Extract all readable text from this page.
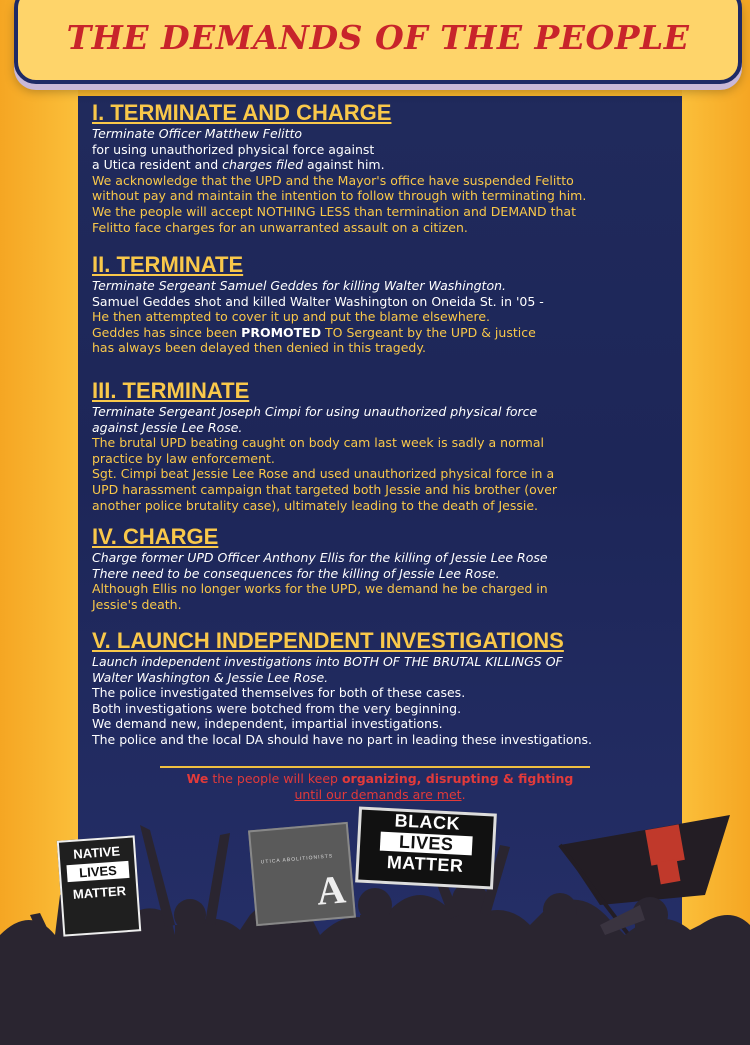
THE DEMANDS OF THE PEOPLE
I. TERMINATE AND CHARGE
Terminate Officer Matthew Felitto
for using unauthorized physical force against
a Utica resident and charges filed against him.
We acknowledge that the UPD and the Mayor's office have suspended Felitto
without pay and maintain the intention to follow through with terminating him.
We the people will accept NOTHING LESS than termination and DEMAND that
Felitto face charges for an unwarranted assault on a citizen.
II. TERMINATE
Terminate Sergeant Samuel Geddes for killing Walter Washington.
Samuel Geddes shot and killed Walter Washington on Oneida St. in '05 -
He then attempted to cover it up and put the blame elsewhere.
Geddes has since been PROMOTED TO Sergeant by the UPD & justice
has always been delayed then denied in this tragedy.
III. TERMINATE
Terminate Sergeant Joseph Cimpi for using unauthorized physical force
against Jessie Lee Rose.
The brutal UPD beating caught on body cam last week is sadly a normal
practice by law enforcement.
Sgt. Cimpi beat Jessie Lee Rose and used unauthorized physical force in a
UPD harassment campaign that targeted both Jessie and his brother (over
another police brutality case), ultimately leading to the death of Jessie.
IV. CHARGE
Charge former UPD Officer Anthony Ellis for the killing of Jessie Lee Rose
There need to be consequences for the killing of Jessie Lee Rose.
Although Ellis no longer works for the UPD, we demand he be charged in
Jessie's death.
V. LAUNCH INDEPENDENT INVESTIGATIONS
Launch independent investigations into BOTH OF THE BRUTAL KILLINGS OF
Walter Washington & Jessie Lee Rose.
The police investigated themselves for both of these cases.
Both investigations were botched from the very beginning.
We demand new, independent, impartial investigations.
The police and the local DA should have no part in leading these investigations.
We the people will keep organizing, disrupting & fighting
until our demands are met.
BLACK
LIVES
MATTER
NATIVE
LIVES
MATTER
UTICA ABOLITIONISTS
A
